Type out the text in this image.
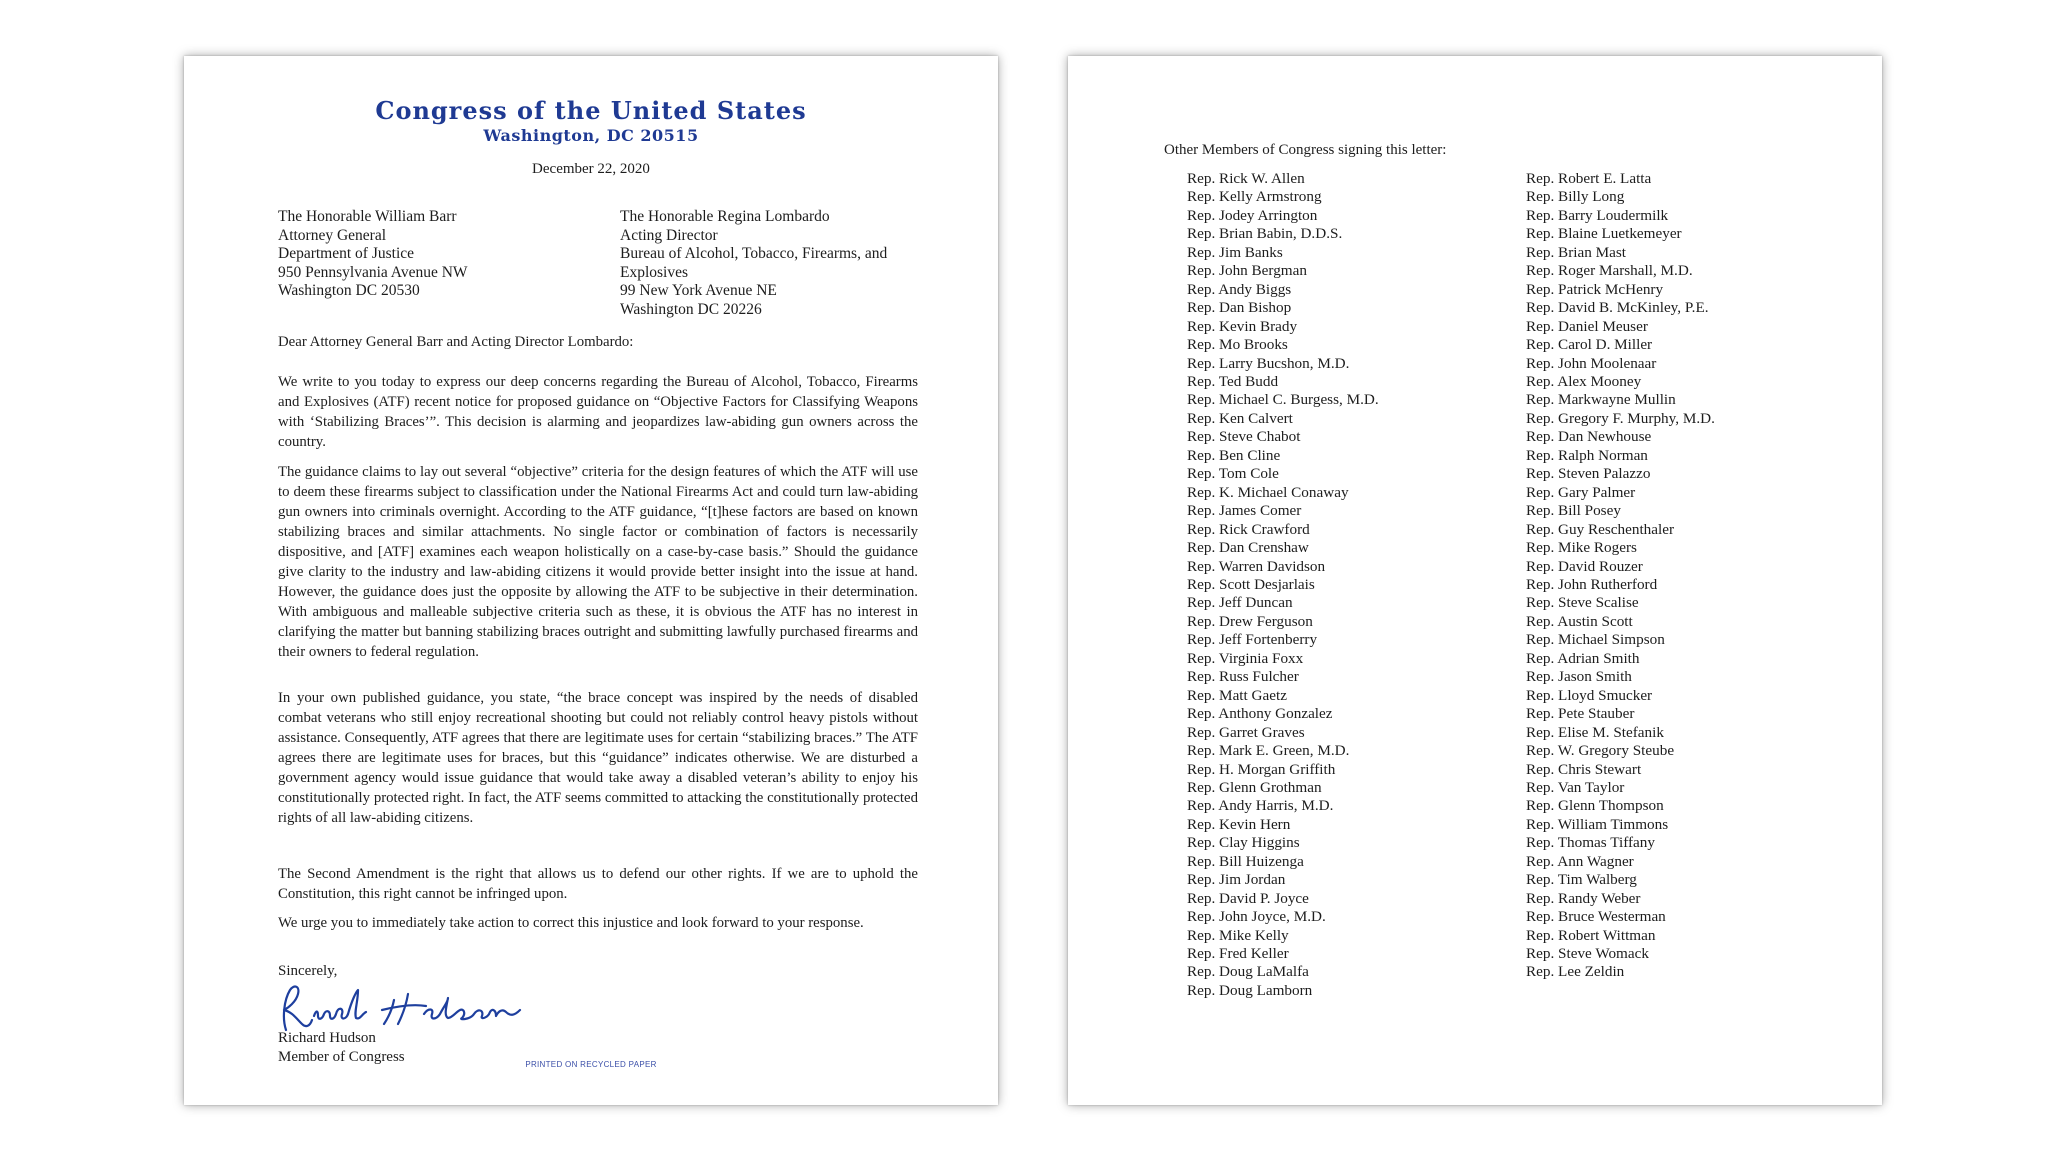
Congress of the United States
Washington, DC 20515
December 22, 2020
The Honorable William Barr
Attorney General
Department of Justice
950 Pennsylvania Avenue NW
Washington DC 20530
The Honorable Regina Lombardo
Acting Director
Bureau of Alcohol, Tobacco, Firearms, and
Explosives
99 New York Avenue NE
Washington DC 20226
Dear Attorney General Barr and Acting Director Lombardo:

We write to you today to express our deep concerns regarding the Bureau of Alcohol, Tobacco, Firearms and Explosives (ATF) recent notice for proposed guidance on “Objective Factors for Classifying Weapons with ‘Stabilizing Braces’”. This decision is alarming and jeopardizes law-abiding gun owners across the country.

The guidance claims to lay out several “objective” criteria for the design features of which the ATF will use to deem these firearms subject to classification under the National Firearms Act and could turn law-abiding gun owners into criminals overnight. According to the ATF guidance, “[t]hese factors are based on known stabilizing braces and similar attachments. No single factor or combination of factors is necessarily dispositive, and [ATF] examines each weapon holistically on a case-by-case basis.” Should the guidance give clarity to the industry and law-abiding citizens it would provide better insight into the issue at hand. However, the guidance does just the opposite by allowing the ATF to be subjective in their determination. With ambiguous and malleable subjective criteria such as these, it is obvious the ATF has no interest in clarifying the matter but banning stabilizing braces outright and submitting lawfully purchased firearms and their owners to federal regulation.

In your own published guidance, you state, “the brace concept was inspired by the needs of disabled combat veterans who still enjoy recreational shooting but could not reliably control heavy pistols without assistance. Consequently, ATF agrees that there are legitimate uses for certain “stabilizing braces.” The ATF agrees there are legitimate uses for braces, but this “guidance” indicates otherwise. We are disturbed a government agency would issue guidance that would take away a disabled veteran’s ability to enjoy his constitutionally protected right. In fact, the ATF seems committed to attacking the constitutionally protected rights of all law-abiding citizens.

The Second Amendment is the right that allows us to defend our other rights. If we are to uphold the Constitution, this right cannot be infringed upon.

We urge you to immediately take action to correct this injustice and look forward to your response.

Sincerely,
Richard Hudson
Member of Congress	PRINTED ON RECYCLED PAPER
Other Members of Congress signing this letter:
Rep. Rick W. Allen
Rep. Kelly Armstrong
Rep. Jodey Arrington
Rep. Brian Babin, D.D.S.
Rep. Jim Banks
Rep. John Bergman
Rep. Andy Biggs
Rep. Dan Bishop
Rep. Kevin Brady
Rep. Mo Brooks
Rep. Larry Bucshon, M.D.
Rep. Ted Budd
Rep. Michael C. Burgess, M.D.
Rep. Ken Calvert
Rep. Steve Chabot
Rep. Ben Cline
Rep. Tom Cole
Rep. K. Michael Conaway
Rep. James Comer
Rep. Rick Crawford
Rep. Dan Crenshaw
Rep. Warren Davidson
Rep. Scott Desjarlais
Rep. Jeff Duncan
Rep. Drew Ferguson
Rep. Jeff Fortenberry
Rep. Virginia Foxx
Rep. Russ Fulcher
Rep. Matt Gaetz
Rep. Anthony Gonzalez
Rep. Garret Graves
Rep. Mark E. Green, M.D.
Rep. H. Morgan Griffith
Rep. Glenn Grothman
Rep. Andy Harris, M.D.
Rep. Kevin Hern
Rep. Clay Higgins
Rep. Bill Huizenga
Rep. Jim Jordan
Rep. David P. Joyce
Rep. John Joyce, M.D.
Rep. Mike Kelly
Rep. Fred Keller
Rep. Doug LaMalfa
Rep. Doug Lamborn
Rep. Robert E. Latta
Rep. Billy Long
Rep. Barry Loudermilk
Rep. Blaine Luetkemeyer
Rep. Brian Mast
Rep. Roger Marshall, M.D.
Rep. Patrick McHenry
Rep. David B. McKinley, P.E.
Rep. Daniel Meuser
Rep. Carol D. Miller
Rep. John Moolenaar
Rep. Alex Mooney
Rep. Markwayne Mullin
Rep. Gregory F. Murphy, M.D.
Rep. Dan Newhouse
Rep. Ralph Norman
Rep. Steven Palazzo
Rep. Gary Palmer
Rep. Bill Posey
Rep. Guy Reschenthaler
Rep. Mike Rogers
Rep. David Rouzer
Rep. John Rutherford
Rep. Steve Scalise
Rep. Austin Scott
Rep. Michael Simpson
Rep. Adrian Smith
Rep. Jason Smith
Rep. Lloyd Smucker
Rep. Pete Stauber
Rep. Elise M. Stefanik
Rep. W. Gregory Steube
Rep. Chris Stewart
Rep. Van Taylor
Rep. Glenn Thompson
Rep. William Timmons
Rep. Thomas Tiffany
Rep. Ann Wagner
Rep. Tim Walberg
Rep. Randy Weber
Rep. Bruce Westerman
Rep. Robert Wittman
Rep. Steve Womack
Rep. Lee Zeldin
